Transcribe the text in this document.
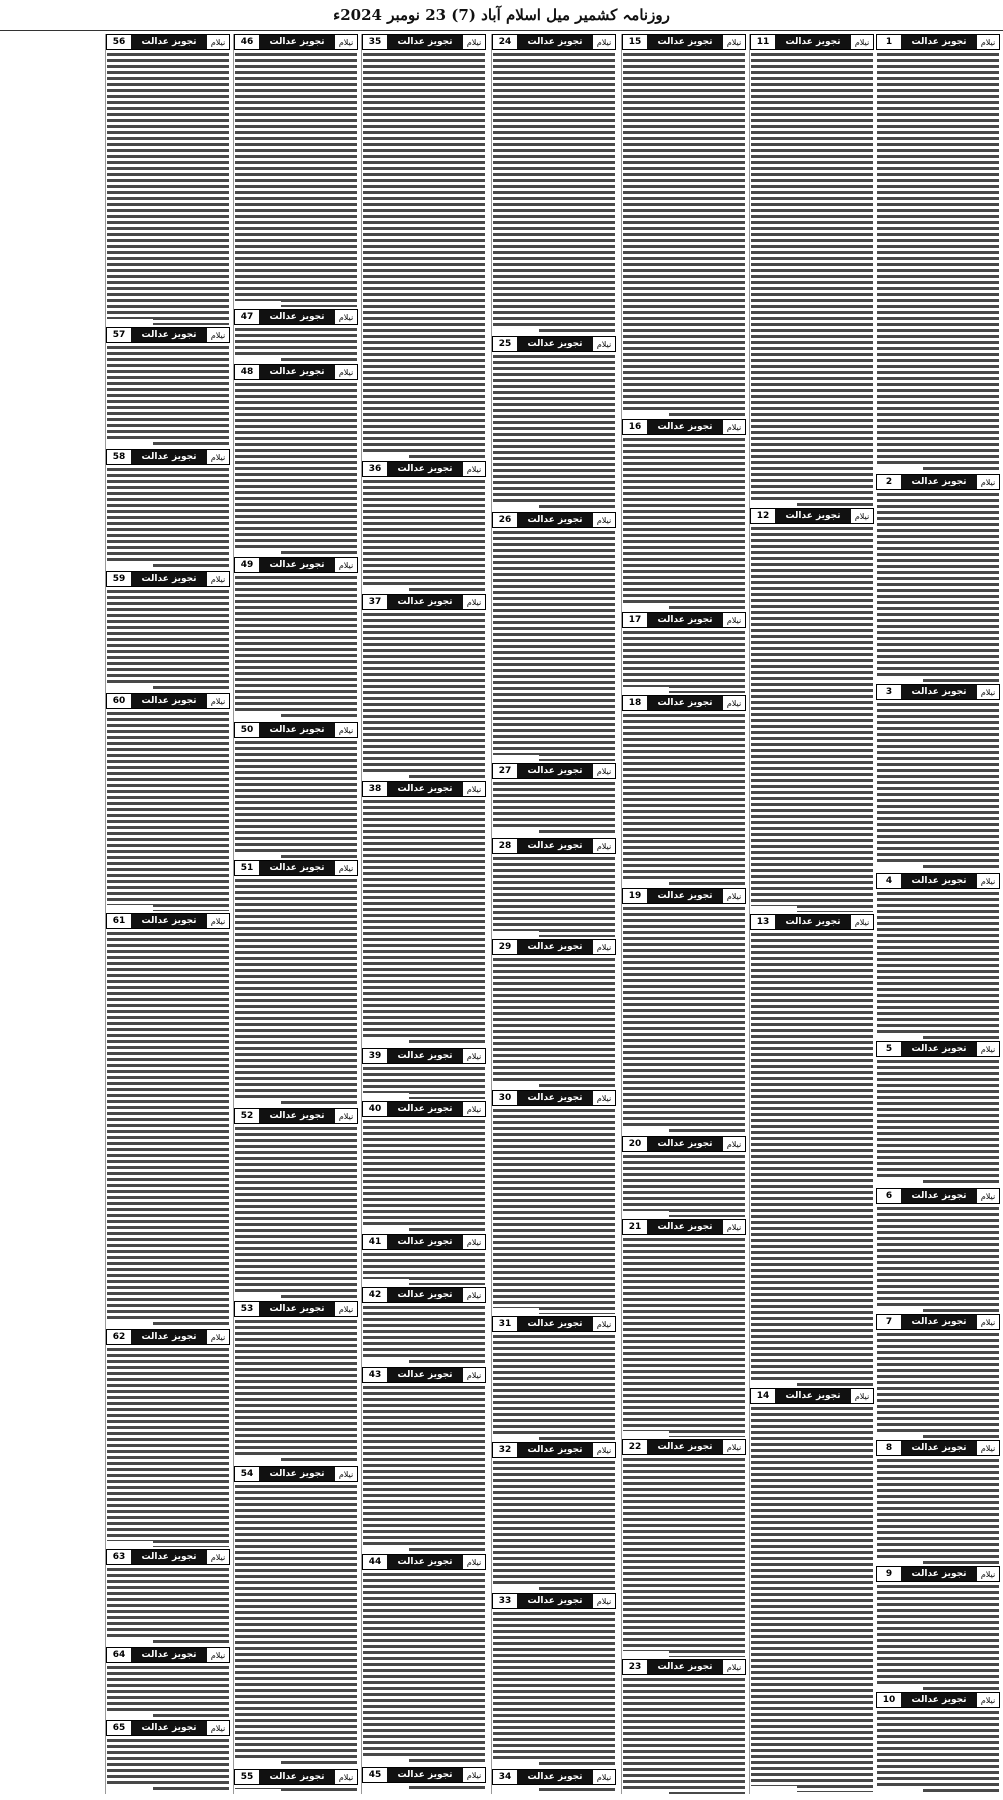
روزنامہ کشمیر میل اسلام آباد (7) 23 نومبر 2024ء
1	تجویز عدالت	نیلام
2	تجویز عدالت	نیلام
3	تجویز عدالت	نیلام
4	تجویز عدالت	نیلام
5	تجویز عدالت	نیلام
6	تجویز عدالت	نیلام
7	تجویز عدالت	نیلام
8	تجویز عدالت	نیلام
9	تجویز عدالت	نیلام
10	تجویز عدالت	نیلام
11	تجویز عدالت	نیلام
12	تجویز عدالت	نیلام
13	تجویز عدالت	نیلام
14	تجویز عدالت	نیلام
15	تجویز عدالت	نیلام
16	تجویز عدالت	نیلام
17	تجویز عدالت	نیلام
18	تجویز عدالت	نیلام
19	تجویز عدالت	نیلام
20	تجویز عدالت	نیلام
21	تجویز عدالت	نیلام
22	تجویز عدالت	نیلام
23	تجویز عدالت	نیلام
24	تجویز عدالت	نیلام
25	تجویز عدالت	نیلام
26	تجویز عدالت	نیلام
27	تجویز عدالت	نیلام
28	تجویز عدالت	نیلام
29	تجویز عدالت	نیلام
30	تجویز عدالت	نیلام
31	تجویز عدالت	نیلام
32	تجویز عدالت	نیلام
33	تجویز عدالت	نیلام
34	تجویز عدالت	نیلام
35	تجویز عدالت	نیلام
36	تجویز عدالت	نیلام
37	تجویز عدالت	نیلام
38	تجویز عدالت	نیلام
39	تجویز عدالت	نیلام
40	تجویز عدالت	نیلام
41	تجویز عدالت	نیلام
42	تجویز عدالت	نیلام
43	تجویز عدالت	نیلام
44	تجویز عدالت	نیلام
45	تجویز عدالت	نیلام
46	تجویز عدالت	نیلام
47	تجویز عدالت	نیلام
48	تجویز عدالت	نیلام
49	تجویز عدالت	نیلام
50	تجویز عدالت	نیلام
51	تجویز عدالت	نیلام
52	تجویز عدالت	نیلام
53	تجویز عدالت	نیلام
54	تجویز عدالت	نیلام
55	تجویز عدالت	نیلام
56	تجویز عدالت	نیلام
57	تجویز عدالت	نیلام
58	تجویز عدالت	نیلام
59	تجویز عدالت	نیلام
60	تجویز عدالت	نیلام
61	تجویز عدالت	نیلام
62	تجویز عدالت	نیلام
63	تجویز عدالت	نیلام
64	تجویز عدالت	نیلام
65	تجویز عدالت	نیلام
